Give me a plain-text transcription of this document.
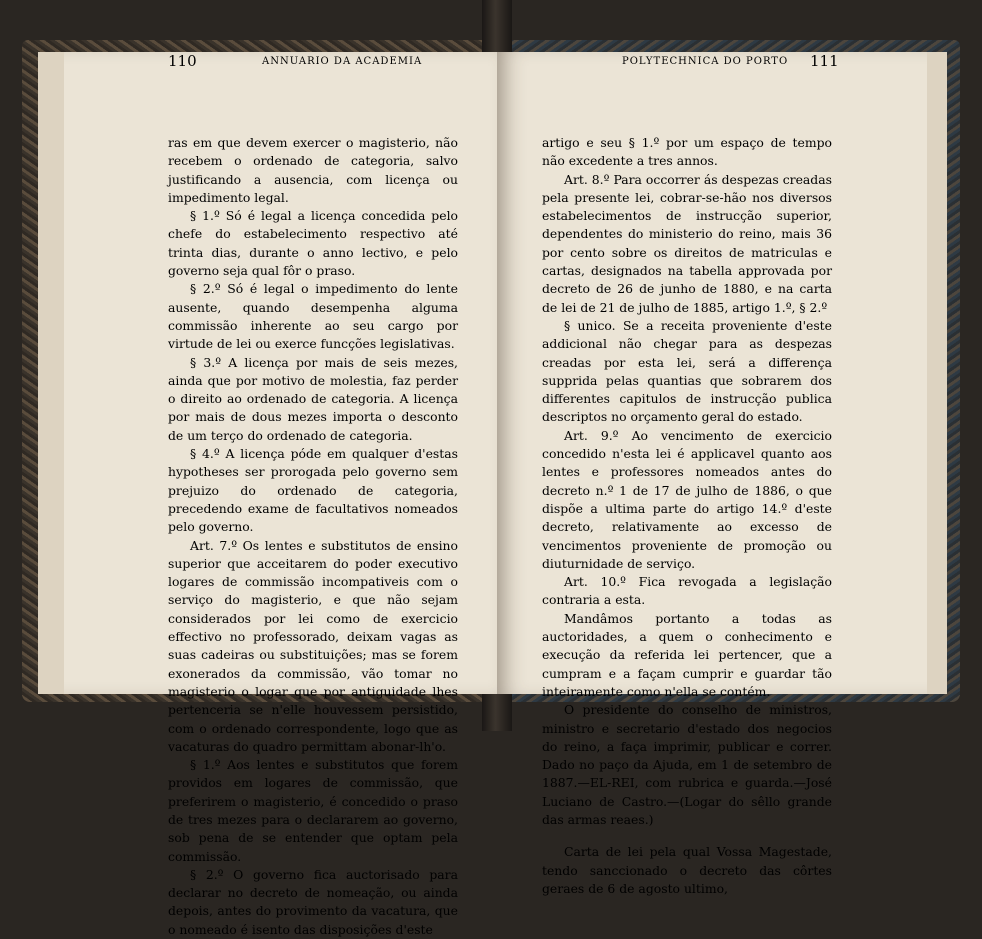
110	ANNUARIO DA ACADEMIA	POLYTECHNICA DO PORTO 111

ras em que devem exercer o magisterio, não recebem o ordenado de categoria, salvo justificando a ausencia, com licença ou impedimento legal.

§ 1.º Só é legal a licença concedida pelo chefe do estabelecimento respectivo até trinta dias, durante o anno lectivo, e pelo governo seja qual fôr o praso.

§ 2.º Só é legal o impedimento do lente ausente, quando desempenha alguma commissão inherente ao seu cargo por virtude de lei ou exerce funcções legislativas.

§ 3.º A licença por mais de seis mezes, ainda que por motivo de molestia, faz perder o direito ao ordenado de categoria. A licença por mais de dous mezes importa o desconto de um terço do ordenado de categoria.

§ 4.º A licença póde em qualquer d'estas hypotheses ser prorogada pelo governo sem prejuizo do ordenado de categoria, precedendo exame de facultativos nomeados pelo governo.

Art. 7.º Os lentes e substitutos de ensino superior que acceitarem do poder executivo logares de commissão incompativeis com o serviço do magisterio, e que não sejam considerados por lei como de exercicio effectivo no professorado, deixam vagas as suas cadeiras ou substituições; mas se forem exonerados da commissão, vão tomar no magisterio o logar que por antiguidade lhes pertenceria se n'elle houvessem persistido, com o ordenado correspondente, logo que as vacaturas do quadro permittam abonar-lh'o.

§ 1.º Aos lentes e substitutos que forem providos em logares de commissão, que preferirem o magisterio, é concedido o praso de tres mezes para o declararem ao governo, sob pena de se entender que optam pela commissão.

§ 2.º O governo fica auctorisado para declarar no decreto de nomeação, ou ainda depois, antes do provimento da vacatura, que o nomeado é isento das disposições d'este

artigo e seu § 1.º por um espaço de tempo não excedente a tres annos.

Art. 8.º Para occorrer ás despezas creadas pela presente lei, cobrar-se-hão nos diversos estabelecimentos de instrucção superior, dependentes do ministerio do reino, mais 36 por cento sobre os direitos de matriculas e cartas, designados na tabella approvada por decreto de 26 de junho de 1880, e na carta de lei de 21 de julho de 1885, artigo 1.º, § 2.º

§ unico. Se a receita proveniente d'este addicional não chegar para as despezas creadas por esta lei, será a differença supprida pelas quantias que sobrarem dos differentes capitulos de instrucção publica descriptos no orçamento geral do estado.

Art. 9.º Ao vencimento de exercicio concedido n'esta lei é applicavel quanto aos lentes e professores nomeados antes do decreto n.º 1 de 17 de julho de 1886, o que dispõe a ultima parte do artigo 14.º d'este decreto, relativamente ao excesso de vencimentos proveniente de promoção ou diuturnidade de serviço.

Art. 10.º Fica revogada a legislação contraria a esta.

Mandâmos portanto a todas as auctoridades, a quem o conhecimento e execução da referida lei pertencer, que a cumpram e a façam cumprir e guardar tão inteiramente como n'ella se contém.

O presidente do conselho de ministros, ministro e secretario d'estado dos negocios do reino, a faça imprimir, publicar e correr. Dado no paço da Ajuda, em 1 de setembro de 1887.—EL-REI, com rubrica e guarda.—José Luciano de Castro.—(Logar do sêllo grande das armas reaes.)

Carta de lei pela qual Vossa Magestade, tendo sanccionado o decreto das côrtes geraes de 6 de agosto ultimo,
